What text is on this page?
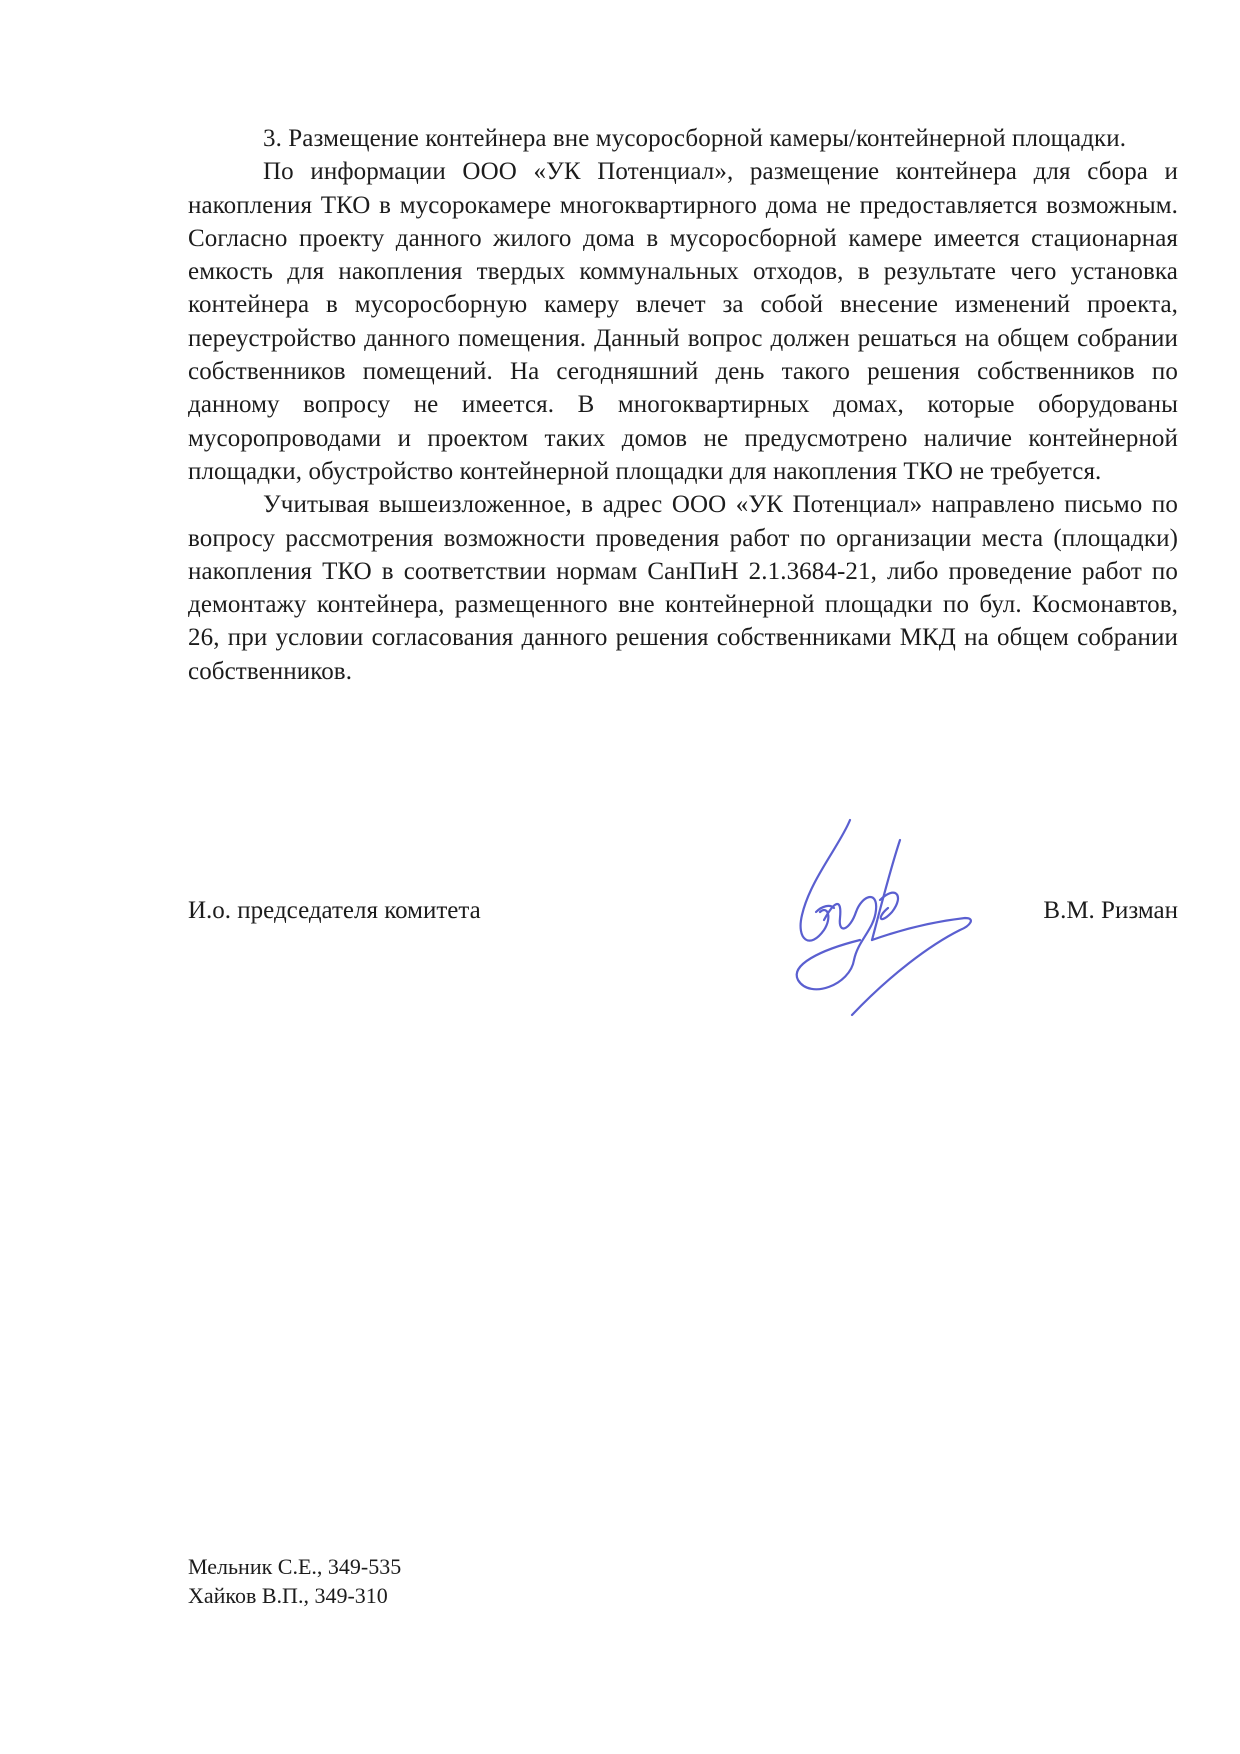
3. Размещение контейнера вне мусоросборной камеры/контейнерной площадки.

По информации ООО «УК Потенциал», размещение контейнера для сбора и накопления ТКО в мусорокамере многоквартирного дома не предоставляется возможным. Согласно проекту данного жилого дома в мусоросборной камере имеется стационарная емкость для накопления твердых коммунальных отходов, в результате чего установка контейнера в мусоросборную камеру влечет за собой внесение изменений проекта, переустройство данного помещения. Данный вопрос должен решаться на общем собрании собственников помещений. На сегодняшний день такого решения собственников по данному вопросу не имеется. В многоквартирных домах, которые оборудованы мусоропроводами и проектом таких домов не предусмотрено наличие контейнерной площадки, обустройство контейнерной площадки для накопления ТКО не требуется.

Учитывая вышеизложенное, в адрес ООО «УК Потенциал» направлено письмо по вопросу рассмотрения возможности проведения работ по организации места (площадки) накопления ТКО в соответствии нормам СанПиН 2.1.3684-21, либо проведение работ по демонтажу контейнера, размещенного вне контейнерной площадки по бул. Космонавтов, 26, при условии согласования данного решения собственниками МКД на общем собрании собственников.

И.о. председателя комитета	В.М. Ризман
Мельник С.Е., 349-535
Хайков В.П., 349-310
